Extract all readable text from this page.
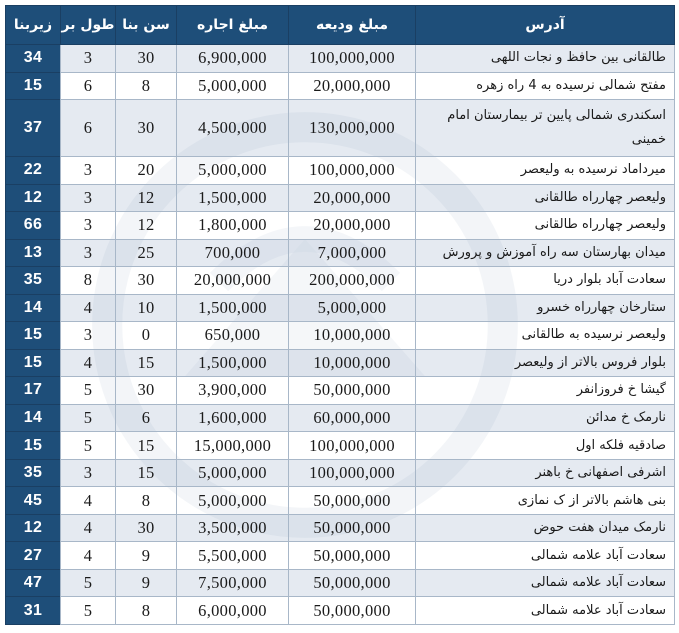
آدرس	مبلغ ودیعه	مبلغ اجاره	سن بنا	طول بر	زیربنا
طالقانی بین حافظ و نجات اللهی	100,000,000	6,900,000	30	3	34
مفتح شمالی نرسیده به 4 راه زهره	20,000,000	5,000,000	8	6	15
اسکندری شمالی پایین تر بیمارستان امام خمینی	130,000,000	4,500,000	30	6	37
میرداماد نرسیده به ولیعصر	100,000,000	5,000,000	20	3	22
ولیعصر چهارراه طالقانی	20,000,000	1,500,000	12	3	12
ولیعصر چهارراه طالقانی	20,000,000	1,800,000	12	3	66
میدان بهارستان سه راه آموزش و پرورش	7,000,000	700,000	25	3	13
سعادت آباد بلوار دریا	200,000,000	20,000,000	30	8	35
ستارخان چهارراه خسرو	5,000,000	1,500,000	10	4	14
ولیعصر نرسیده به طالقانی	10,000,000	650,000	0	3	15
بلوار فروس بالاتر از ولیعصر	10,000,000	1,500,000	15	4	15
گیشا خ فروزانفر	50,000,000	3,900,000	30	5	17
نارمک خ مدائن	60,000,000	1,600,000	6	5	14
صادقیه فلکه اول	100,000,000	15,000,000	15	5	15
اشرفی اصفهانی خ باهنر	100,000,000	5,000,000	15	3	35
بنی هاشم بالاتر از ک نمازی	50,000,000	5,000,000	8	4	45
نارمک میدان هفت حوض	50,000,000	3,500,000	30	4	12
سعادت آباد علامه شمالی	50,000,000	5,500,000	9	4	27
سعادت آباد علامه شمالی	50,000,000	7,500,000	9	5	47
سعادت آباد علامه شمالی	50,000,000	6,000,000	8	5	31
